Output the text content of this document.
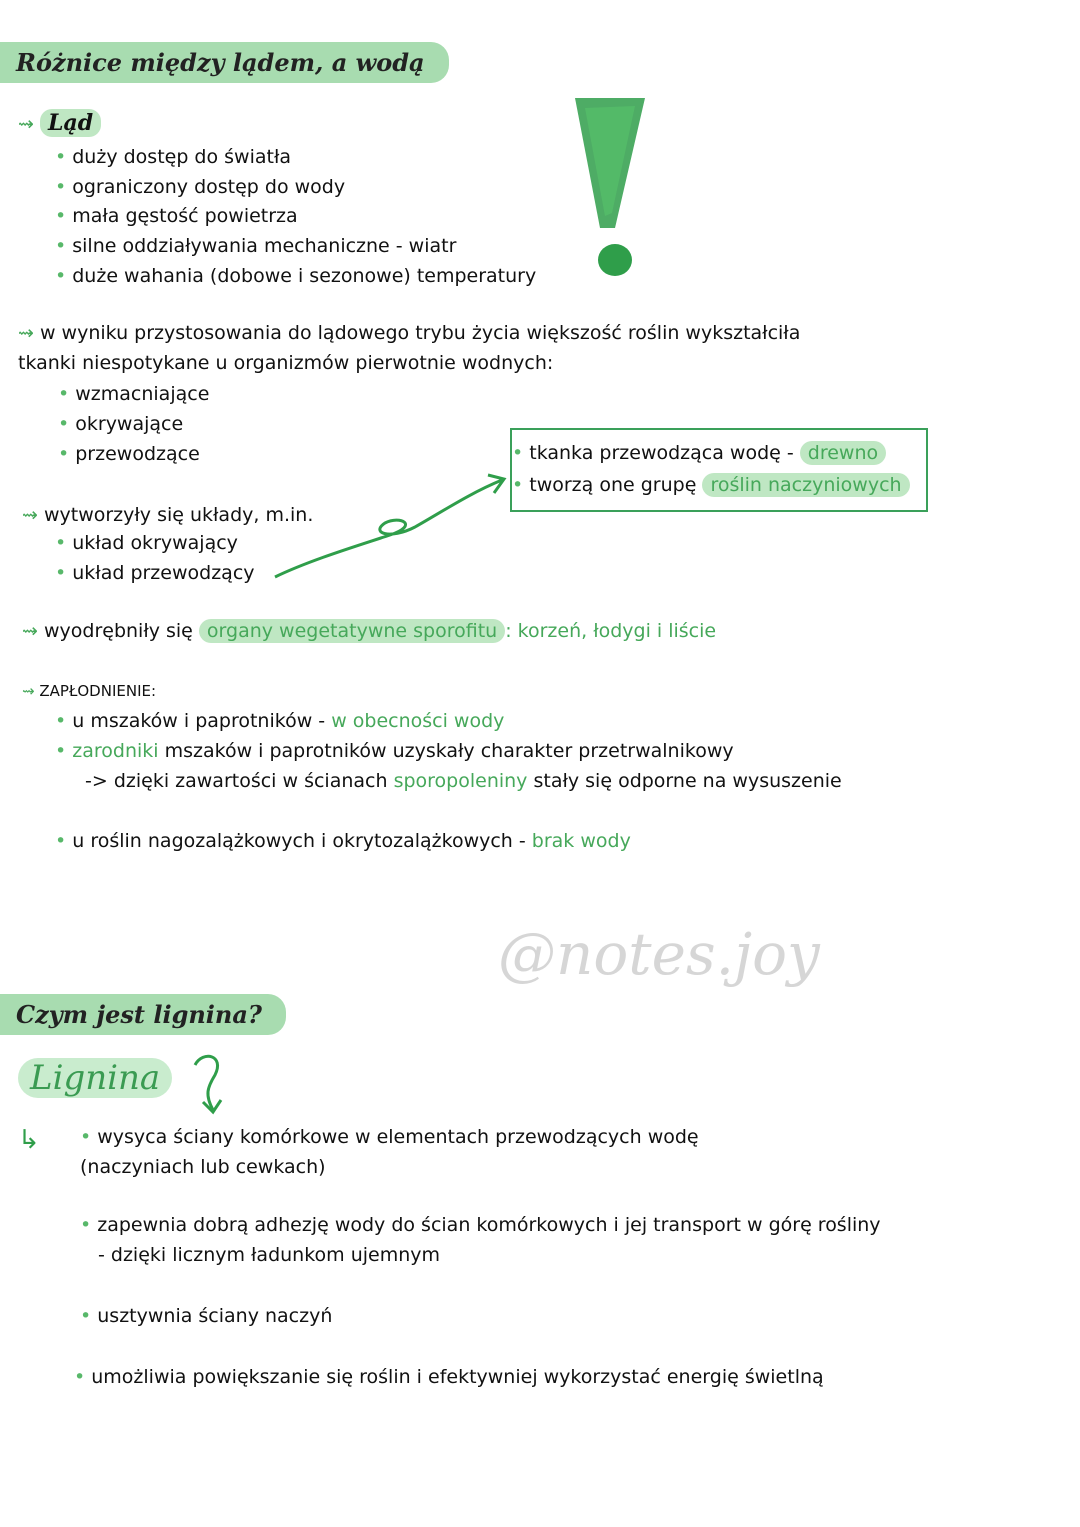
Różnice między lądem, a wodą
⇝ Ląd
• duży dostęp do światła
• ograniczony dostęp do wody
• mała gęstość powietrza
• silne oddziaływania mechaniczne - wiatr
• duże wahania (dobowe i sezonowe) temperatury
⇝ w wyniku przystosowania do lądowego trybu życia większość roślin wykształciła
tkanki niespotykane u organizmów pierwotnie wodnych:
• wzmacniające
• okrywające
• przewodzące	• tkanka przewodząca wodę - drewno
• tworzą one grupę roślin naczyniowych
⇝ wytworzyły się układy, m.in.
• układ okrywający
• układ przewodzący
⇝ wyodrębniły się organy wegetatywne sporofitu : korzeń, łodygi i liście
⇝ ZAPŁODNIENIE:
• u mszaków i paprotników - w obecności wody
• zarodniki mszaków i paprotników uzyskały charakter przetrwalnikowy
-> dzięki zawartości w ścianach sporopoleniny stały się odporne na wysuszenie
• u roślin nagozalążkowych i okrytozalążkowych - brak wody
@notes.joy
Czym jest lignina?
Lignina
↳	• wysyca ściany komórkowe w elementach przewodzących wodę
(naczyniach lub cewkach)
• zapewnia dobrą adhezję wody do ścian komórkowych i jej transport w górę rośliny
- dzięki licznym ładunkom ujemnym
• usztywnia ściany naczyń
• umożliwia powiększanie się roślin i efektywniej wykorzystać energię świetlną
